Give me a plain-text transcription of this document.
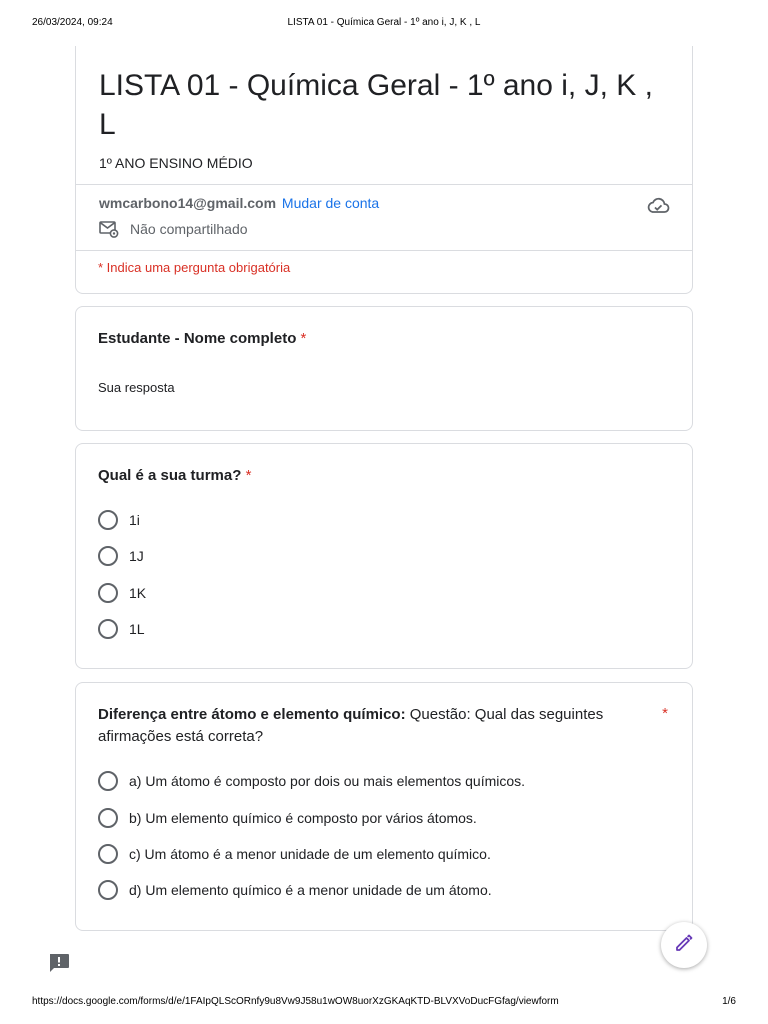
26/03/2024, 09:24	LISTA 01 - Química Geral - 1º ano i, J, K , L
LISTA 01 - Química Geral - 1º ano i, J, K , L
1º ANO ENSINO MÉDIO
wmcarbono14@gmail.com Mudar de conta
Não compartilhado
* Indica uma pergunta obrigatória
Estudante - Nome completo *
Sua resposta
Qual é a sua turma? *
1i
1J
1K
1L
Diferença entre átomo e elemento químico: Questão: Qual das seguintes afirmações está correta?
*
a) Um átomo é composto por dois ou mais elementos químicos.
b) Um elemento químico é composto por vários átomos.
c) Um átomo é a menor unidade de um elemento químico.
d) Um elemento químico é a menor unidade de um átomo.
https://docs.google.com/forms/d/e/1FAIpQLScORnfy9u8Vw9J58u1wOW8uorXzGKAqKTD-BLVXVoDucFGfag/viewform	1/6
